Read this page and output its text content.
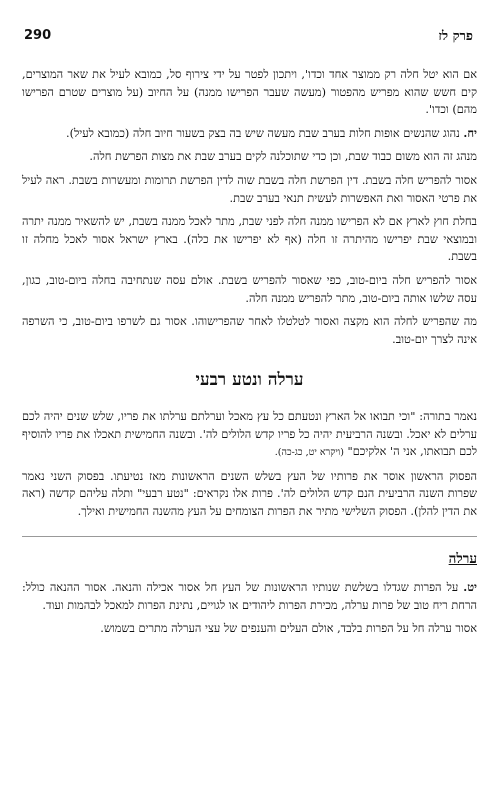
פרק לז
290

אם הוא יטל חלה רק ממוצר אחד וכדו', ויתכון לפטר על ידי צירוף סל, כמובא לעיל את שאר המוצרים, קים חשש שהוא מפריש מהפטור (מעשה שעבר הפרישו ממנה) על החיוב (על מוצרים שטרם הפרישו מהם) וכדו'.

יח. נהוג שהנשים אופות חלות בערב שבת מעשה שיש בה בצק בשעור חיוב חלה (כמובא לעיל).

מנהג זה הוא משום כבוד שבת, וכן כדי שתוכלנה לקים בערב שבת את מצות הפרשת חלה.

אסור להפריש חלה בשבת. דין הפרשת חלה בשבת שוה לדין הפרשת תרומות ומעשרות בשבת. ראה לעיל את פרטי האסור ואת האפשרות לעשית תנאי בערב שבת.

בחלת חוץ לארץ אם לא הפרישו ממנה חלה לפני שבת, מתר לאכל ממנה בשבת, יש להשאיר ממנה יתרה ובמוצאי שבת יפרישו מהיתרה זו חלה (אף לא יפרישו את כלה). בארץ ישראל אסור לאכל מחלה זו בשבת.

אסור להפריש חלה ביום-טוב, כפי שאסור להפריש בשבת. אולם עסה שנתחיבה בחלה ביום-טוב, כגון, עסה שלשו אותה ביום-טוב, מתר להפריש ממנה חלה.

מה שהפריש לחלה הוא מקצה ואסור לטלטלו לאחר שהפרישוהו. אסור גם לשרפו ביום-טוב, כי השרפה אינה לצרך יום-טוב.

ערלה ונטע רבעי

נאמר בתורה: "וכי תבואו אל הארץ ונטעתם כל עץ מאכל וערלתם ערלתו את פריו, שלש שנים יהיה לכם ערלים לא יאכל. ובשנה הרביעית יהיה כל פריו קדש הלולים לה'. ובשנה החמישית תאכלו את פריו להוסיף לכם תבואתו, אני ה' אלקיכם" (ויקרא יט, כג-כה).

הפסוק הראשון אוסר את פרותיו של העץ בשלש השנים הראשונות מאז נטיעתו. בפסוק השני נאמר שפרות השנה הרביעית הנם קדש הלולים לה'. פרות אלו נקראים: "נטע רבעי" ותלה עליהם קדשה (ראה את הדין להלן). הפסוק השלישי מתיר את הפרות הצומחים על העץ מהשנה החמישית ואילך.

ערלה

יט. על הפרות שגדלו בשלשת שנותיו הראשונות של העץ חל אסור אכילה והנאה. אסור ההנאה כולל: הרחת ריח טוב של פרות ערלה, מכירת הפרות ליהודים או לגויים, נתינת הפרות למאכל לבהמות ועוד.

אסור ערלה חל על הפרות בלבד, אולם העלים והענפים של עצי הערלה מתרים בשמוש.
